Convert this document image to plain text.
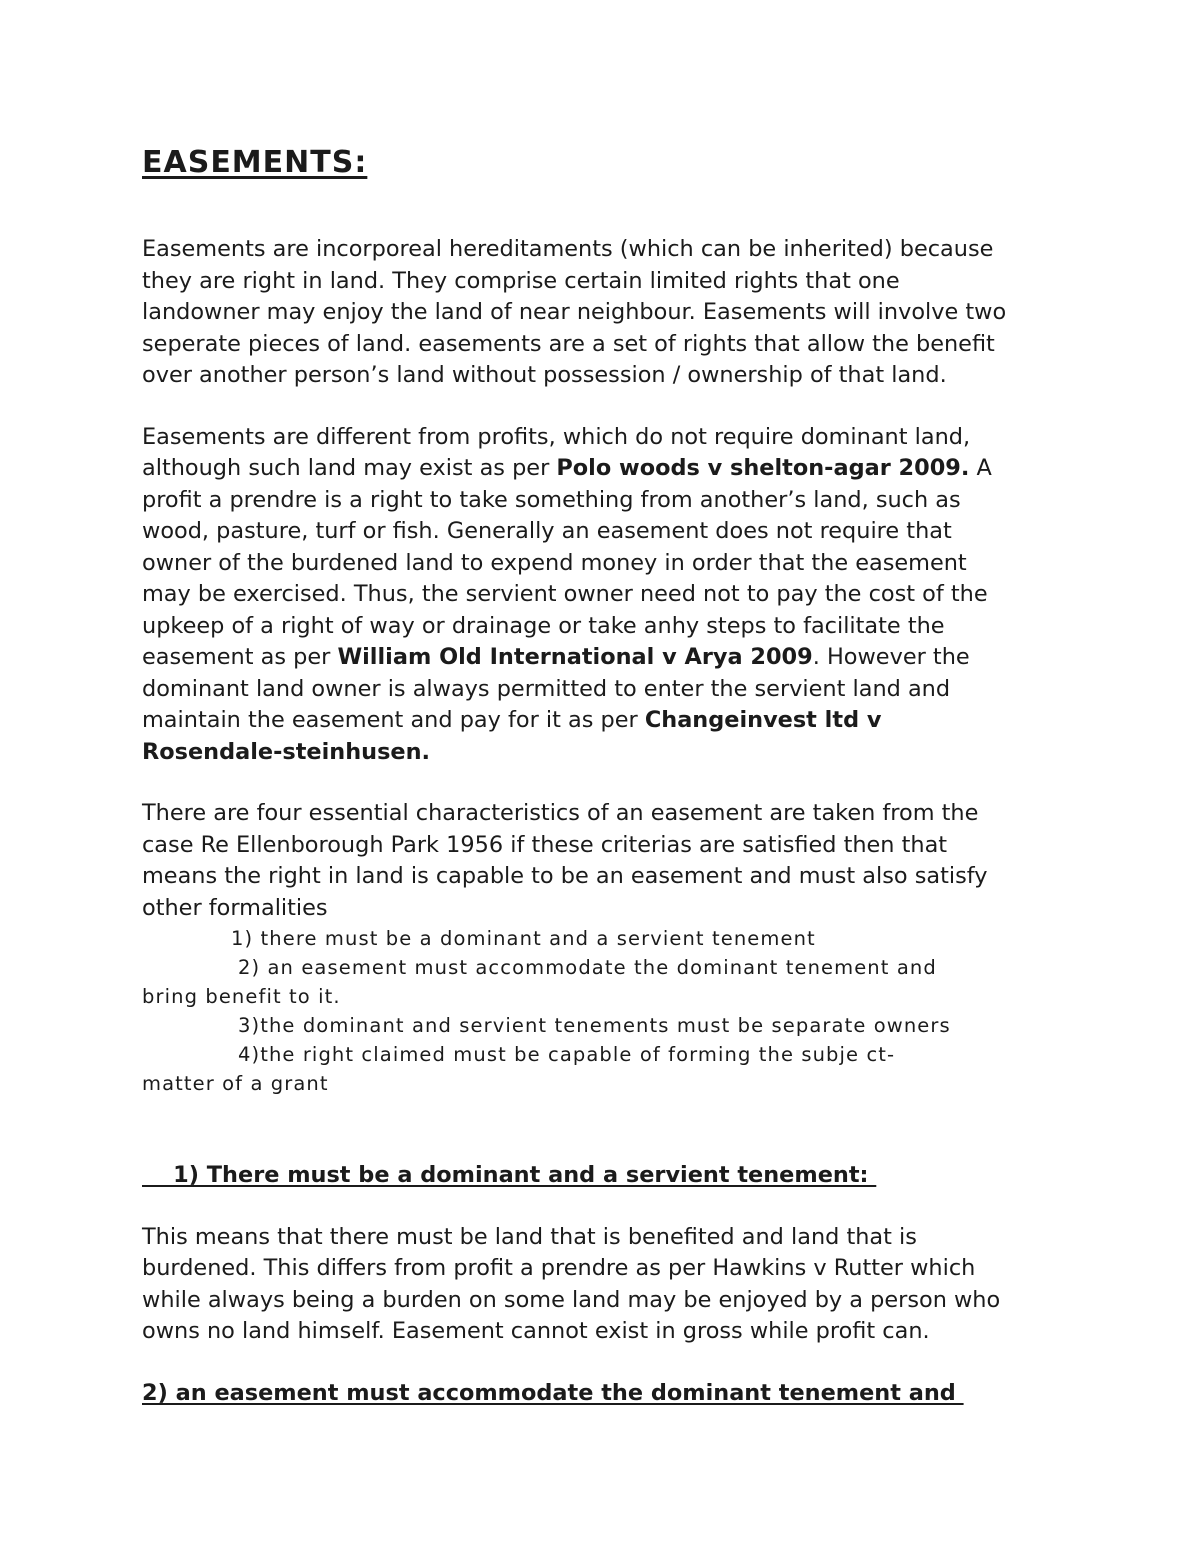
EASEMENTS:

Easements are incorporeal hereditaments (which can be inherited) because
they are right in land. They comprise certain limited rights that one
landowner may enjoy the land of near neighbour. Easements will involve two
seperate pieces of land. easements are a set of rights that allow the benefit
over another person’s land without possession / ownership of that land.

Easements are different from profits, which do not require dominant land,
although such land may exist as per Polo woods v shelton-agar 2009. A
profit a prendre is a right to take something from another’s land, such as
wood, pasture, turf or fish. Generally an easement does not require that
owner of the burdened land to expend money in order that the easement
may be exercised. Thus, the servient owner need not to pay the cost of the
upkeep of a right of way or drainage or take anhy steps to facilitate the
easement as per William Old International v Arya 2009. However the
dominant land owner is always permitted to enter the servient land and
maintain the easement and pay for it as per Changeinvest ltd v
Rosendale-steinhusen.

There are four essential characteristics of an easement are taken from the
case Re Ellenborough Park 1956 if these criterias are satisfied then that
means the right in land is capable to be an easement and must also satisfy
other formalities

1) there must be a dominant and a servient tenement
2) an easement must accommodate the dominant tenement and
bring benefit to it.
3)the dominant and servient tenements must be separate owners
4)the right claimed must be capable of forming the subje ct-
matter of a grant

1) There must be a dominant and a servient tenement:

This means that there must be land that is benefited and land that is
burdened. This differs from profit a prendre as per Hawkins v Rutter which
while always being a burden on some land may be enjoyed by a person who
owns no land himself. Easement cannot exist in gross while profit can.

2) an easement must accommodate the dominant tenement and
